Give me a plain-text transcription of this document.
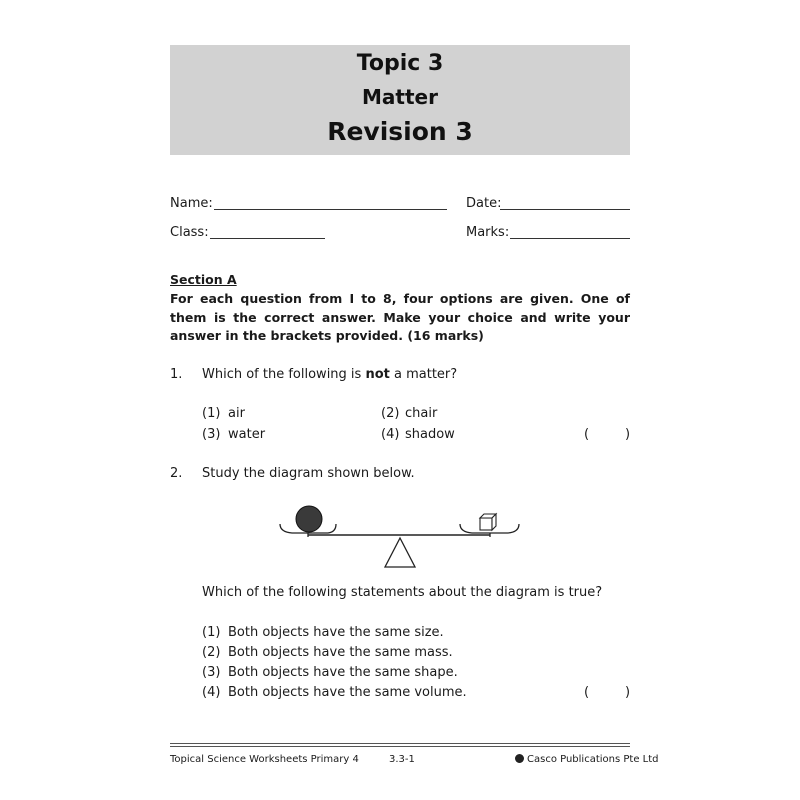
Topic 3
Matter
Revision 3
Name:	Date:
Class:	Marks:
Section A
For each question from I to 8, four options are given. One of them is the correct answer. Make your choice and write your answer in the brackets provided. (16 marks)
1. Which of the following is not a matter?
(1) air	(2) chair
(3) water	(4) shadow	(	)
2. Study the diagram shown below.
Which of the following statements about the diagram is true?
(1) Both objects have the same size.
(2) Both objects have the same mass.
(3) Both objects have the same shape.
(4) Both objects have the same volume.	(	)
Topical Science Worksheets Primary 4	3.3-1	Casco Publications Pte Ltd
